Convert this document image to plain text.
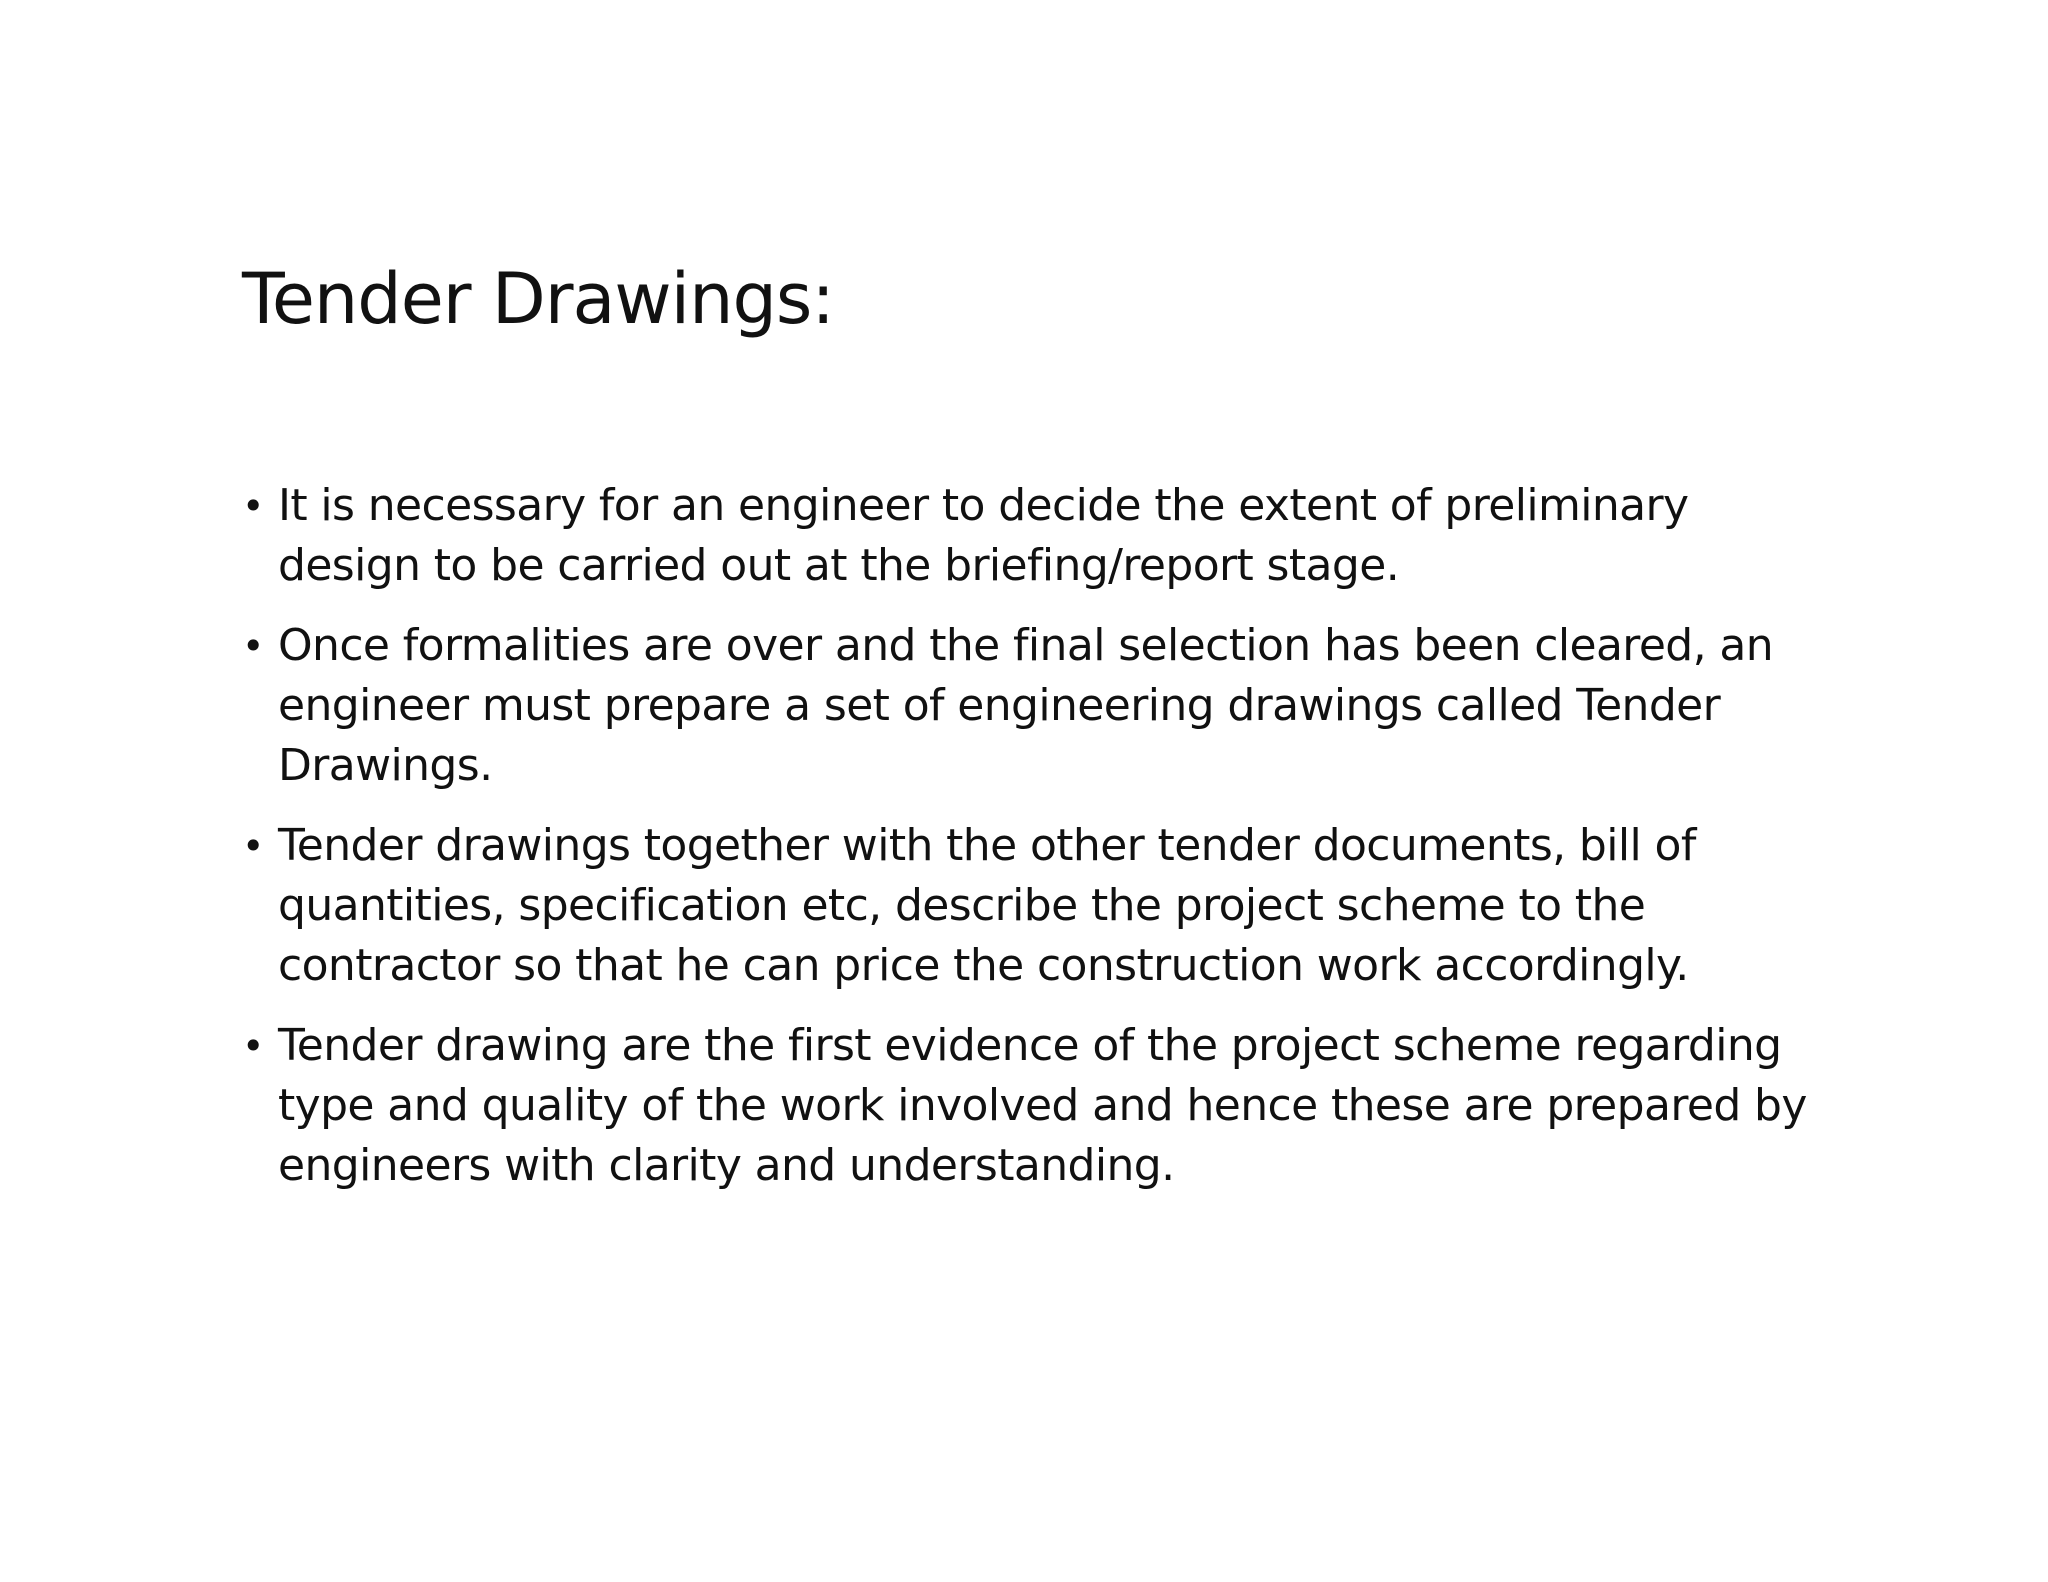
Tender Drawings:
• It is necessary for an engineer to decide the extent of preliminary design to be carried out at the briefing/report stage.
• Once formalities are over and the final selection has been cleared, an engineer must prepare a set of engineering drawings called Tender Drawings.
• Tender drawings together with the other tender documents, bill of quantities, specification etc, describe the project scheme to the contractor so that he can price the construction work accordingly.
• Tender drawing are the first evidence of the project scheme regarding type and quality of the work involved and hence these are prepared by engineers with clarity and understanding.
